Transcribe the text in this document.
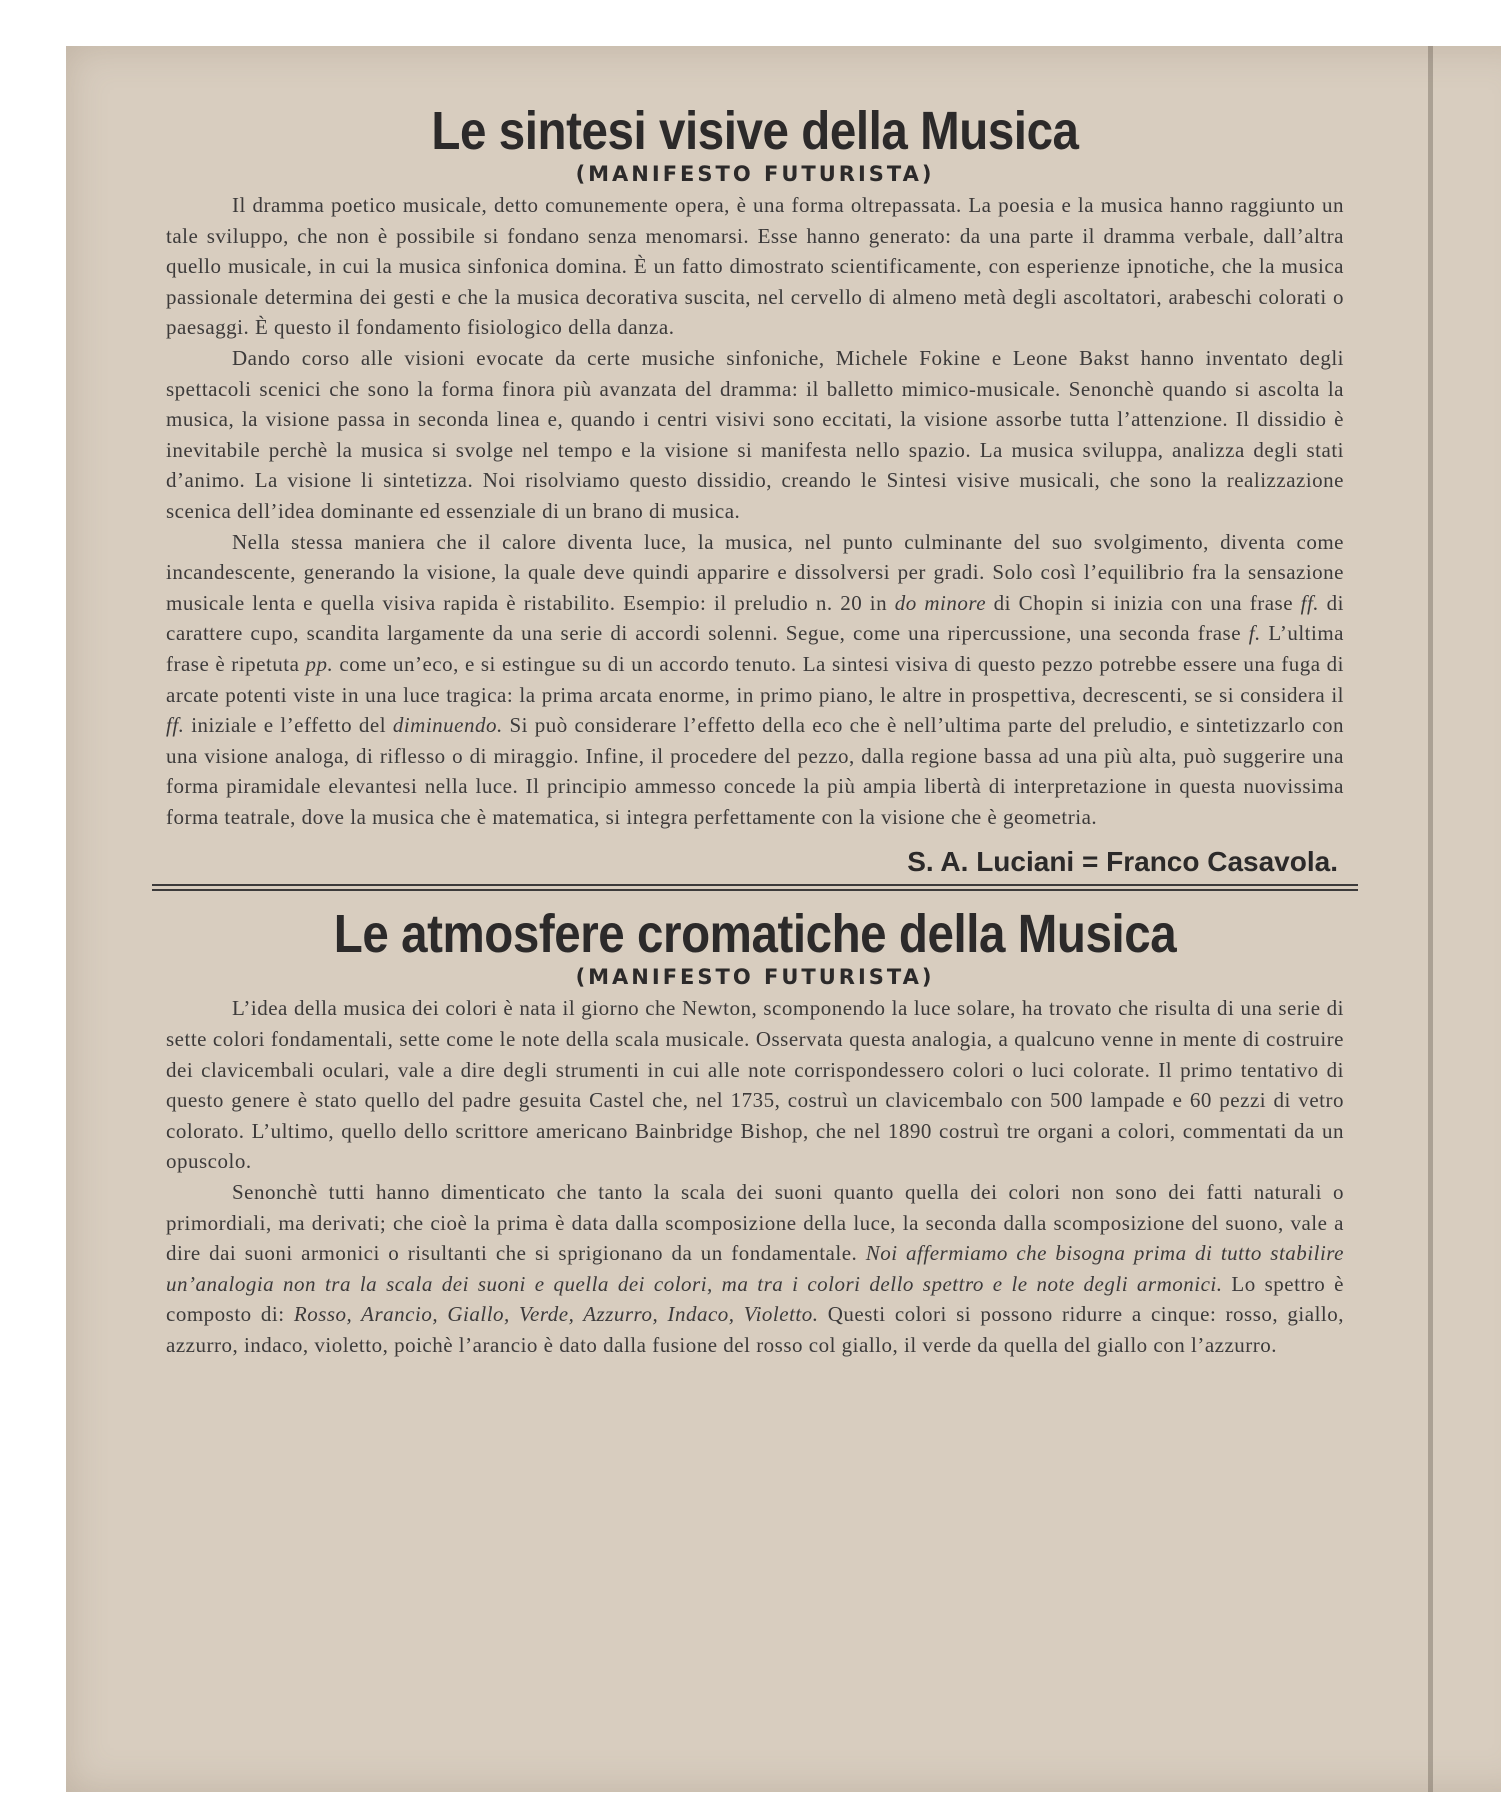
Le sintesi visive della Musica
(MANIFESTO FUTURISTA)

Il dramma poetico musicale, detto comunemente opera, è una forma oltrepassata. La poesia e la musica hanno raggiunto un tale sviluppo, che non è possibile si fondano senza menomarsi. Esse hanno generato: da una parte il dramma verbale, dall’altra quello musicale, in cui la musica sinfonica domina. È un fatto dimostrato scientificamente, con esperienze ipnotiche, che la musica passionale determina dei gesti e che la musica decorativa suscita, nel cervello di almeno metà degli ascoltatori, arabeschi colorati o paesaggi. È questo il fondamento fisiologico della danza.

Dando corso alle visioni evocate da certe musiche sinfoniche, Michele Fokine e Leone Bakst hanno inventato degli spettacoli scenici che sono la forma finora più avanzata del dramma: il balletto mimico-musicale. Senonchè quando si ascolta la musica, la visione passa in seconda linea e, quando i centri visivi sono eccitati, la visione assorbe tutta l’attenzione. Il dissidio è inevitabile perchè la musica si svolge nel tempo e la visione si manifesta nello spazio. La musica sviluppa, analizza degli stati d’animo. La visione li sintetizza. Noi risolviamo questo dissidio, creando le Sintesi visive musicali, che sono la realizzazione scenica dell’idea dominante ed essenziale di un brano di musica.

Nella stessa maniera che il calore diventa luce, la musica, nel punto culminante del suo svolgimento, diventa come incandescente, generando la visione, la quale deve quindi apparire e dissolversi per gradi. Solo così l’equilibrio fra la sensazione musicale lenta e quella visiva rapida è ristabilito. Esempio: il preludio n. 20 in do minore di Chopin si inizia con una frase ff. di carattere cupo, scandita largamente da una serie di accordi solenni. Segue, come una ripercussione, una seconda frase f. L’ultima frase è ripetuta pp. come un’eco, e si estingue su di un accordo tenuto. La sintesi visiva di questo pezzo potrebbe essere una fuga di arcate potenti viste in una luce tragica: la prima arcata enorme, in primo piano, le altre in prospettiva, decrescenti, se si considera il ff. iniziale e l’effetto del diminuendo. Si può considerare l’effetto della eco che è nell’ultima parte del preludio, e sintetizzarlo con una visione analoga, di riflesso o di miraggio. Infine, il procedere del pezzo, dalla regione bassa ad una più alta, può suggerire una forma piramidale elevantesi nella luce. Il principio ammesso concede la più ampia libertà di interpretazione in questa nuovissima forma teatrale, dove la musica che è matematica, si integra perfettamente con la visione che è geometria.

S. A. Luciani = Franco Casavola.
Le atmosfere cromatiche della Musica
(MANIFESTO FUTURISTA)

L’idea della musica dei colori è nata il giorno che Newton, scomponendo la luce solare, ha trovato che risulta di una serie di sette colori fondamentali, sette come le note della scala musicale. Osservata questa analogia, a qualcuno venne in mente di costruire dei clavicembali oculari, vale a dire degli strumenti in cui alle note corrispondessero colori o luci colorate. Il primo tentativo di questo genere è stato quello del padre gesuita Castel che, nel 1735, costruì un clavicembalo con 500 lampade e 60 pezzi di vetro colorato. L’ultimo, quello dello scrittore americano Bainbridge Bishop, che nel 1890 costruì tre organi a colori, commentati da un opuscolo.

Senonchè tutti hanno dimenticato che tanto la scala dei suoni quanto quella dei colori non sono dei fatti naturali o primordiali, ma derivati; che cioè la prima è data dalla scomposizione della luce, la seconda dalla scomposizione del suono, vale a dire dai suoni armonici o risultanti che si sprigionano da un fondamentale. Noi affermiamo che bisogna prima di tutto stabilire un’analogia non tra la scala dei suoni e quella dei colori, ma tra i colori dello spettro e le note degli armonici. Lo spettro è composto di: Rosso, Arancio, Giallo, Verde, Azzurro, Indaco, Violetto. Questi colori si possono ridurre a cinque: rosso, giallo, azzurro, indaco, violetto, poichè l’arancio è dato dalla fusione del rosso col giallo, il verde da quella del giallo con l’azzurro.
